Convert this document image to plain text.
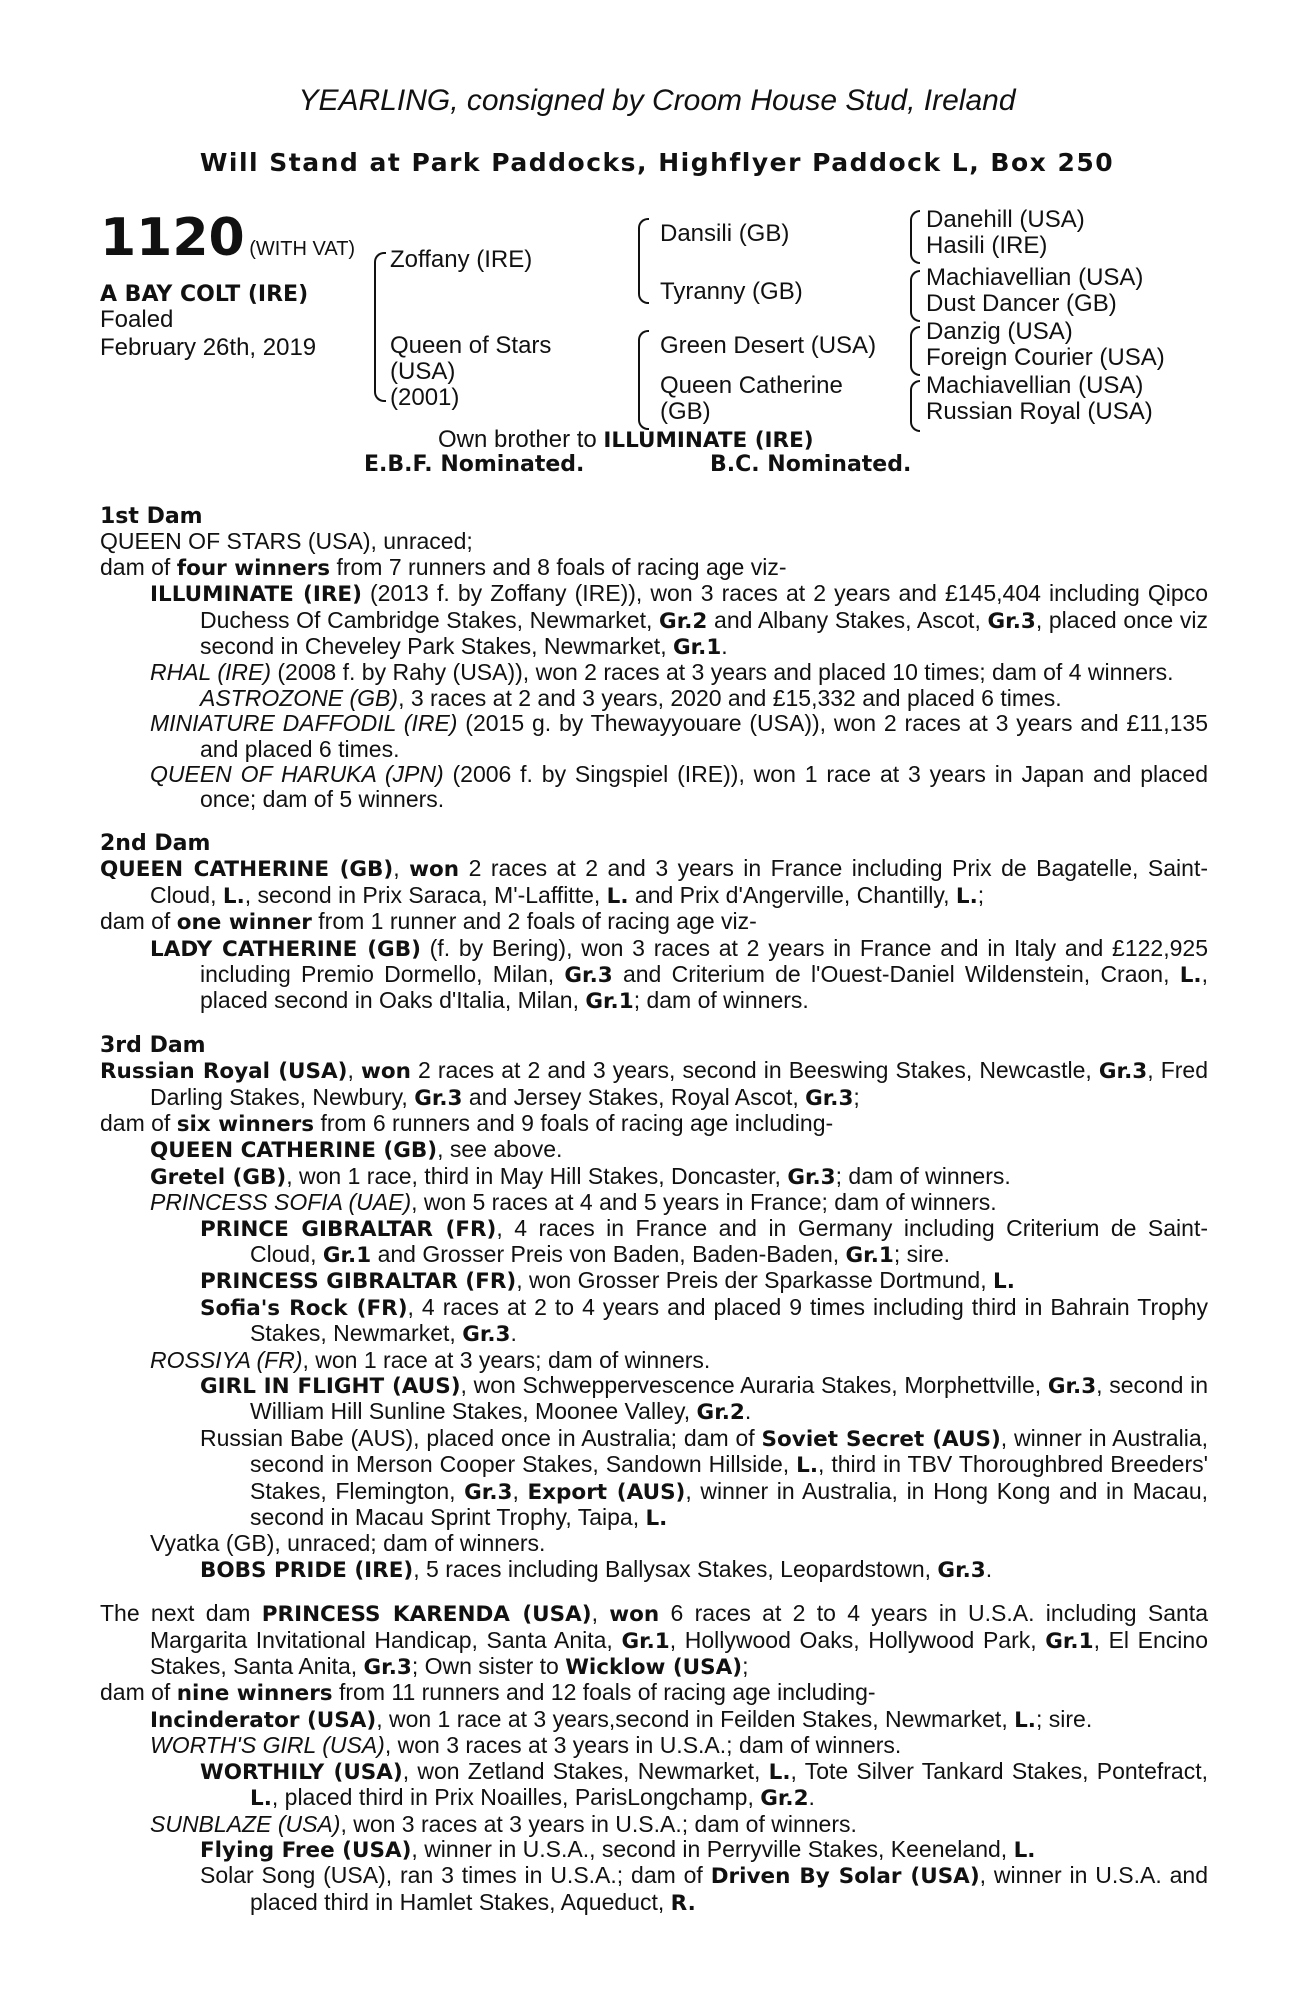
YEARLING, consigned by Croom House Stud, Ireland
Will Stand at Park Paddocks, Highflyer Paddock L, Box 250
1120 (WITH VAT)
A BAY COLT (IRE)
Foaled
February 26th, 2019
Zoffany (IRE)
Queen of Stars
(USA)
(2001)
Dansili (GB)
Tyranny (GB)
Green Desert (USA)
Queen Catherine
(GB)
Danehill (USA)
Hasili (IRE)
Machiavellian (USA)
Dust Dancer (GB)
Danzig (USA)
Foreign Courier (USA)
Machiavellian (USA)
Russian Royal (USA)
Own brother to ILLUMINATE (IRE)
E.B.F. Nominated.	B.C. Nominated.
1st Dam

QUEEN OF STARS (USA), unraced;

dam of four winners from 7 runners and 8 foals of racing age viz-

ILLUMINATE (IRE) (2013 f. by Zoffany (IRE)), won 3 races at 2 years and £145,404 including Qipco Duchess Of Cambridge Stakes, Newmarket, Gr.2 and Albany Stakes, Ascot, Gr.3, placed once viz second in Cheveley Park Stakes, Newmarket, Gr.1.

RHAL (IRE) (2008 f. by Rahy (USA)), won 2 races at 3 years and placed 10 times; dam of 4 winners.

ASTROZONE (GB), 3 races at 2 and 3 years, 2020 and £15,332 and placed 6 times.

MINIATURE DAFFODIL (IRE) (2015 g. by Thewayyouare (USA)), won 2 races at 3 years and £11,135 and placed 6 times.

QUEEN OF HARUKA (JPN) (2006 f. by Singspiel (IRE)), won 1 race at 3 years in Japan and placed once; dam of 5 winners.

2nd Dam

QUEEN CATHERINE (GB), won 2 races at 2 and 3 years in France including Prix de Bagatelle, Saint-Cloud, L., second in Prix Saraca, M'-Laffitte, L. and Prix d'Angerville, Chantilly, L.;

dam of one winner from 1 runner and 2 foals of racing age viz-

LADY CATHERINE (GB) (f. by Bering), won 3 races at 2 years in France and in Italy and £122,925 including Premio Dormello, Milan, Gr.3 and Criterium de l'Ouest-Daniel Wildenstein, Craon, L., placed second in Oaks d'Italia, Milan, Gr.1; dam of winners.

3rd Dam

Russian Royal (USA), won 2 races at 2 and 3 years, second in Beeswing Stakes, Newcastle, Gr.3, Fred Darling Stakes, Newbury, Gr.3 and Jersey Stakes, Royal Ascot, Gr.3;

dam of six winners from 6 runners and 9 foals of racing age including-

QUEEN CATHERINE (GB), see above.

Gretel (GB), won 1 race, third in May Hill Stakes, Doncaster, Gr.3; dam of winners.

PRINCESS SOFIA (UAE), won 5 races at 4 and 5 years in France; dam of winners.

PRINCE GIBRALTAR (FR), 4 races in France and in Germany including Criterium de Saint-Cloud, Gr.1 and Grosser Preis von Baden, Baden-Baden, Gr.1; sire.

PRINCESS GIBRALTAR (FR), won Grosser Preis der Sparkasse Dortmund, L.

Sofia's Rock (FR), 4 races at 2 to 4 years and placed 9 times including third in Bahrain Trophy Stakes, Newmarket, Gr.3.

ROSSIYA (FR), won 1 race at 3 years; dam of winners.

GIRL IN FLIGHT (AUS), won Schweppervescence Auraria Stakes, Morphettville, Gr.3, second in William Hill Sunline Stakes, Moonee Valley, Gr.2.

Russian Babe (AUS), placed once in Australia; dam of Soviet Secret (AUS), winner in Australia, second in Merson Cooper Stakes, Sandown Hillside, L., third in TBV Thoroughbred Breeders' Stakes, Flemington, Gr.3, Export (AUS), winner in Australia, in Hong Kong and in Macau, second in Macau Sprint Trophy, Taipa, L.

Vyatka (GB), unraced; dam of winners.

BOBS PRIDE (IRE), 5 races including Ballysax Stakes, Leopardstown, Gr.3.

The next dam PRINCESS KARENDA (USA), won 6 races at 2 to 4 years in U.S.A. including Santa Margarita Invitational Handicap, Santa Anita, Gr.1, Hollywood Oaks, Hollywood Park, Gr.1, El Encino Stakes, Santa Anita, Gr.3; Own sister to Wicklow (USA);

dam of nine winners from 11 runners and 12 foals of racing age including-

Incinderator (USA), won 1 race at 3 years,second in Feilden Stakes, Newmarket, L.; sire.

WORTH'S GIRL (USA), won 3 races at 3 years in U.S.A.; dam of winners.

WORTHILY (USA), won Zetland Stakes, Newmarket, L., Tote Silver Tankard Stakes, Pontefract, L., placed third in Prix Noailles, ParisLongchamp, Gr.2.

SUNBLAZE (USA), won 3 races at 3 years in U.S.A.; dam of winners.

Flying Free (USA), winner in U.S.A., second in Perryville Stakes, Keeneland, L.

Solar Song (USA), ran 3 times in U.S.A.; dam of Driven By Solar (USA), winner in U.S.A. and placed third in Hamlet Stakes, Aqueduct, R.
